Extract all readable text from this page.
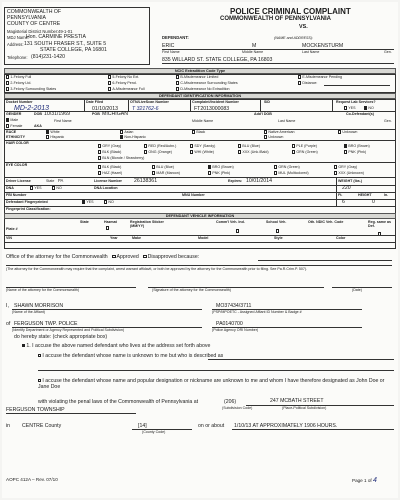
COMMONWEALTH OF
PENNSYLVANIA
COUNTY OF CENTRE
Magisterial District Number: 49-1-01
MDJ Name:
Hon. CARMINE PRESTIA
Address: 131 SOUTH FRASER ST., SUITE 5
STATE COLLEGE, PA 16801
Telephone: (814)231-1420
POLICE CRIMINAL COMPLAINT
COMMONWEALTH OF PENNSYLVANIA
VS.
DEFENDANT:	(NAME and ADDRESS):
ERIC	M	MOCKENSTURM
First Name	Middle Name	Last Name	Gen.
835 WILLARD ST. STATE COLLEGE, PA 16803
NCIC Extradition Code Type
1-Felony Full	5-Felony No Ext.	B-Misdemeanor Limited	E-Misdemeanor Pending
2-Felony Ltd.	6-Felony Pend.	C-Misdemeanor Surrounding States	Distance:
3-Felony Surrounding States	A-Misdemeanor Full	D-Misdemeanor No Extradition
DEFENDANT IDENTIFICATION INFORMATION
Docket Number
MD-2-2013
Date Filed
01/10/2013
OTN/LiveScan Number
T 321762-6
Complaint/Incident Number
FT2013000083
SID	Request Lab Services?
YES	NO
GENDER	DOB 10/31/1969	POB MICHIGAN	Add'l DOB	Co-Defendant(s)
Male	First Name	Middle Name	Last Name	Gen.
Female	AKA
RACE	White	Asian	Black	Native American	Unknown
ETHNICITY	Hispanic	Non-Hispanic	Unknown
HAIR COLOR
GRY (Gray)	RED (Red/Aubn.)	SDY (Sandy)	BLU (Blue)	PLE (Purple)	BRO (Brown)
BLK (Black)	ONG (Orange)	WHI (White)	XXX (Unk./Bald)	GRN (Green)	PNK (Pink)
BLN (Blonde / Strawberry)
EYE COLOR	BLK (Black)	BLU (Blue)	BRO (Brown)	GRN (Green)	GRY (Gray)
HAZ (Hazel)	MAR (Maroon)	PNK (Pink)	MUL (Multicolored)	XXX (Unknown)
Driver License	State PA	License Number 26138361	Expires: 10/01/2014	WEIGHT (lbs.)
DNA	YES	NO	DNA Location	220
FBI Number	MNU Number	Ft.	HEIGHT	In.
Defendant Fingerprinted	YES	NO	6	0
Fingerprint Classification:
DEFENDANT VEHICLE INFORMATION
Plate #
State	Hazmat	Registration Sticker (MM/YY)
Comm'l Veh. Ind.	School Veh.	Oth. NDIC Veh. Code	Reg. same as Def.
VIN	Year	Make	Model	Style	Color
Office of the attorney for the Commonwealth Approved Disapproved because:
(The attorney for the Commonwealth may require that the complaint, arrest warrant affidavit, or both be approved by the attorney for the Commonwealth prior to filing. See Pa.R.Crim.P. 507).
(Name of the attorney for the Commonwealth)	(Signature of the attorney for the Commonwealth)	(Date)
I, SHAWN MORRISON
(Name of the Affiant)
MO37434/3711
(PSP/MPOETC - Assigned Affiant ID Number & Badge #
of FERGUSON TWP. POLICE
(Identify Department or Agency Represented and Political Subdivision)
PA0140700
(Police Agency ORI Number)
do hereby state: (check appropriate box)
1. I accuse the above named defendant who lives at the address set forth above
I accuse the defendant whose name is unknown to me but who is described as
I accuse the defendant whose name and popular designation or nickname are unknown to me and whom I have therefore designated as John Doe or Jane Doe
with violating the penal laws of the Commonwealth of Pennsylvania at	(206)	247 MCBATH STREET
(Subdivision Code)	(Place-Political Subdivision)
FERGUSON TOWNSHIP
in CENTRE County	[14]
(County Code)
on or about 1/10/13 AT APPROXIMATELY 1906 HOURS.
AOPC 412A – Rev. 07/10	Page 1 of 4
